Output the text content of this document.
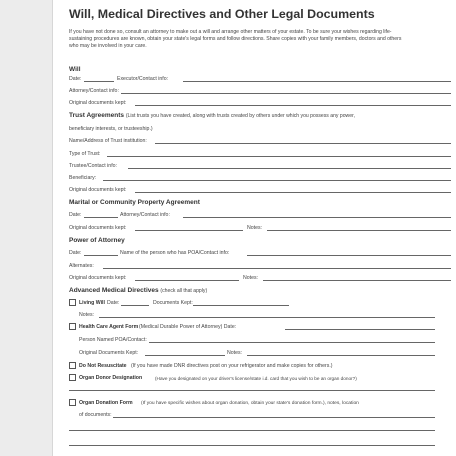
Will, Medical Directives and Other Legal Documents
If you have not done so, consult an attorney to make out a will and arrange other matters of your estate. To be sure your wishes regarding life-sustaining procedures are known, obtain your state's legal forms and follow directions. Share copies with your family members, doctors and others who may be involved in your care.
Will
Date:	Executor/Contact info:
Attorney/Contact info:
Original documents kept:
Trust Agreements (List trusts you have created, along with trusts created by others under which you possess any power,
beneficiary interests, or trusteeship.)
Name/Address of Trust institution:
Type of Trust:
Trustee/Contact info:
Beneficiary:
Original documents kept:
Marital or Community Property Agreement
Date:	Attorney/Contact info:
Original documents kept:	Notes:
Power of Attorney
Date:	Name of the person who has POA/Contact info:
Alternates:
Original documents kept:	Notes:
Advanced Medical Directives (check all that apply)
Living Will Date:	Documents Kept:
Notes:
Health Care Agent Form (Medical Durable Power of Attorney) Date:
Person Named POA/Contact:
Original Documents Kept:	Notes:
Do Not Resuscitate (If you have made DNR directives post on your refrigerator and make copies for others.)
Organ Donor Designation	(Have you designated on your driver's license/state i.d. card that you wish to be an organ donor?)
Organ Donation Form (If you have specific wishes about organ donation, obtain your state's donation form.), notes, location
of documents:
